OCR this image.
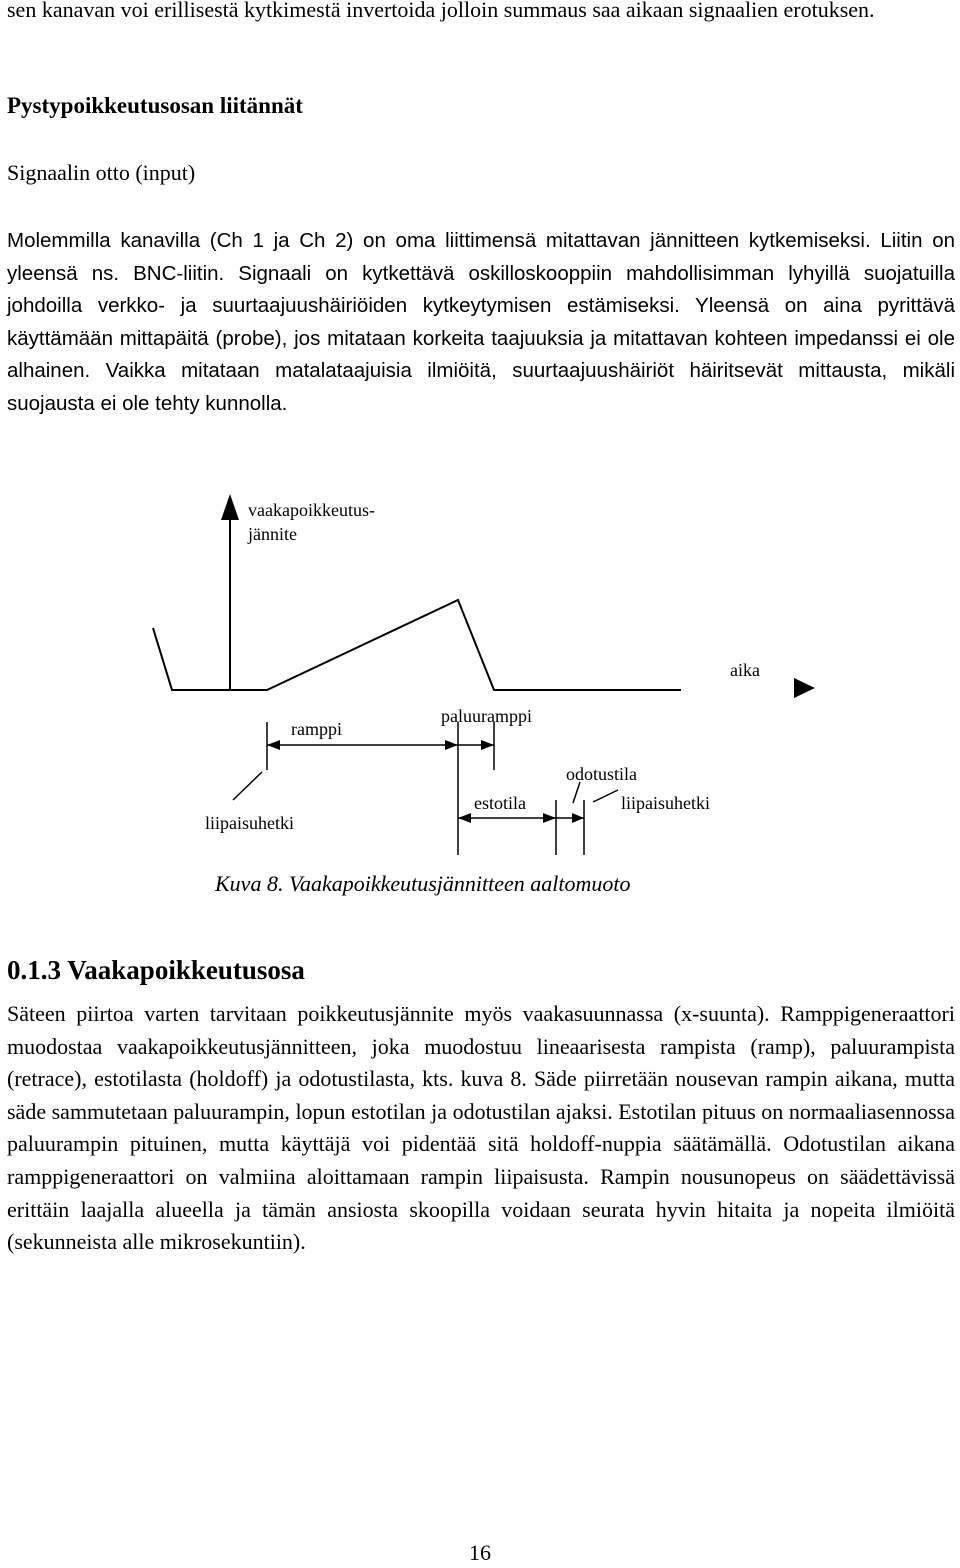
sen kanavan voi erillisestä kytkimestä invertoida jolloin summaus saa aikaan signaalien erotuksen.

Pystypoikkeutusosan liitännät

Signaalin otto (input)

Molemmilla kanavilla (Ch 1 ja Ch 2) on oma liittimensä mitattavan jännitteen kytkemiseksi. Liitin on yleensä ns. BNC-liitin. Signaali on kytkettävä oskilloskooppiin mahdollisimman lyhyillä suojatuilla johdoilla verkko- ja suurtaajuushäiriöiden kytkeytymisen estämiseksi. Yleensä on aina pyrittävä käyttämään mittapäitä (probe), jos mitataan korkeita taajuuksia ja mitattavan kohteen impedanssi ei ole alhainen. Vaikka mitataan matalataajuisia ilmiöitä, suurtaajuushäiriöt häiritsevät mittausta, mikäli suojausta ei ole tehty kunnolla.

vaakapoikkeutus-
jännite
aika
ramppi
paluuramppi
odotustila
estotila
liipaisuhetki
liipaisuhetki

Kuva 8. Vaakapoikkeutusjännitteen aaltomuoto

0.1.3 Vaakapoikkeutusosa

Säteen piirtoa varten tarvitaan poikkeutusjännite myös vaakasuunnassa (x-suunta). Ramppigeneraattori muodostaa vaakapoikkeutusjännitteen, joka muodostuu lineaarisesta rampista (ramp), paluurampista (retrace), estotilasta (holdoff) ja odotustilasta, kts. kuva 8. Säde piirretään nousevan rampin aikana, mutta säde sammutetaan paluurampin, lopun estotilan ja odotustilan ajaksi. Estotilan pituus on normaaliasennossa paluurampin pituinen, mutta käyttäjä voi pidentää sitä holdoff-nuppia säätämällä. Odotustilan aikana ramppigeneraattori on valmiina aloittamaan rampin liipaisusta. Rampin nousunopeus on säädettävissä erittäin laajalla alueella ja tämän ansiosta skoopilla voidaan seurata hyvin hitaita ja nopeita ilmiöitä (sekunneista alle mikrosekuntiin).

16
